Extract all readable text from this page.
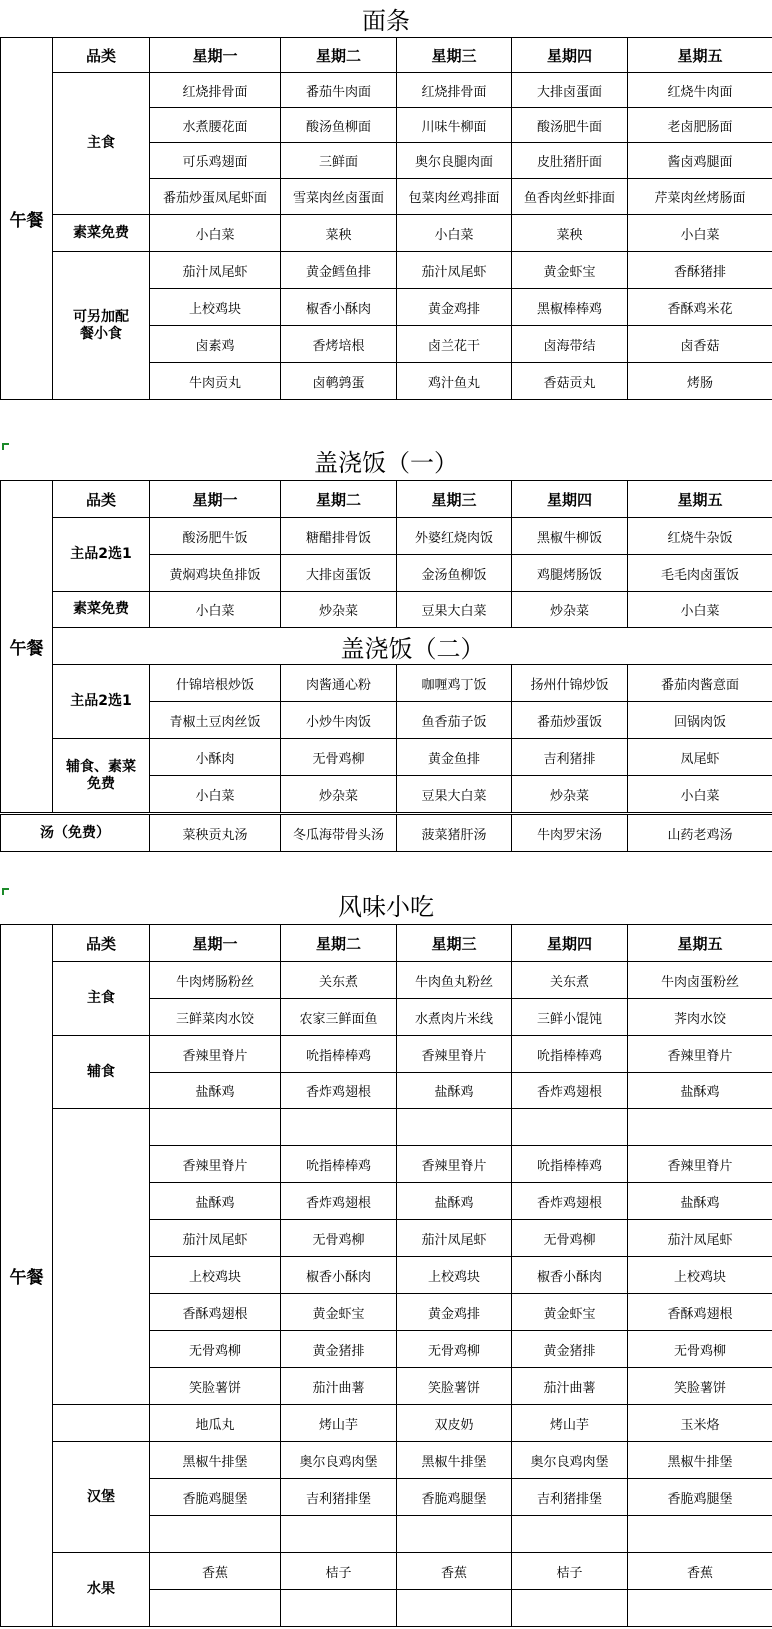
面条
午餐	品类	星期一	星期二	星期三	星期四	星期五
	主食	红烧排骨面	番茄牛肉面	红烧排骨面	大排卤蛋面	红烧牛肉面
		水煮腰花面	酸汤鱼柳面	川味牛柳面	酸汤肥牛面	老卤肥肠面
		可乐鸡翅面	三鲜面	奥尔良腿肉面	皮肚猪肝面	酱卤鸡腿面
		番茄炒蛋凤尾虾面	雪菜肉丝卤蛋面	包菜肉丝鸡排面	鱼香肉丝虾排面	芹菜肉丝烤肠面
	素菜免费	小白菜	菜秧	小白菜	菜秧	小白菜
	可另加配餐小食	茄汁凤尾虾	黄金鳕鱼排	茄汁凤尾虾	黄金虾宝	香酥猪排
		上校鸡块	椒香小酥肉	黄金鸡排	黑椒棒棒鸡	香酥鸡米花
		卤素鸡	香烤培根	卤兰花干	卤海带结	卤香菇
		牛肉贡丸	卤鹌鹑蛋	鸡汁鱼丸	香菇贡丸	烤肠
盖浇饭（一）
午餐	品类	星期一	星期二	星期三	星期四	星期五
	主品2选1	酸汤肥牛饭	糖醋排骨饭	外婆红烧肉饭	黑椒牛柳饭	红烧牛杂饭
		黄焖鸡块鱼排饭	大排卤蛋饭	金汤鱼柳饭	鸡腿烤肠饭	毛毛肉卤蛋饭
	素菜免费	小白菜	炒杂菜	豆果大白菜	炒杂菜	小白菜
	盖浇饭（二）					
	主品2选1	什锦培根炒饭	肉酱通心粉	咖喱鸡丁饭	扬州什锦炒饭	番茄肉酱意面
		青椒土豆肉丝饭	小炒牛肉饭	鱼香茄子饭	番茄炒蛋饭	回锅肉饭
	辅食、素菜免费	小酥肉	无骨鸡柳	黄金鱼排	吉利猪排	凤尾虾
		小白菜	炒杂菜	豆果大白菜	炒杂菜	小白菜
汤（免费）	菜秧贡丸汤	冬瓜海带骨头汤	菠菜猪肝汤	牛肉罗宋汤	山药老鸡汤
风味小吃
午餐	品类	星期一	星期二	星期三	星期四	星期五
	主食	牛肉烤肠粉丝	关东煮	牛肉鱼丸粉丝	关东煮	牛肉卤蛋粉丝
		三鲜菜肉水饺	农家三鲜面鱼	水煮肉片米线	三鲜小馄饨	荠肉水饺
	辅食	香辣里脊片	吮指棒棒鸡	香辣里脊片	吮指棒棒鸡	香辣里脊片
		盐酥鸡	香炸鸡翅根	盐酥鸡	香炸鸡翅根	盐酥鸡

		香辣里脊片	吮指棒棒鸡	香辣里脊片	吮指棒棒鸡	香辣里脊片
		盐酥鸡	香炸鸡翅根	盐酥鸡	香炸鸡翅根	盐酥鸡
		茄汁凤尾虾	无骨鸡柳	茄汁凤尾虾	无骨鸡柳	茄汁凤尾虾
		上校鸡块	椒香小酥肉	上校鸡块	椒香小酥肉	上校鸡块
		香酥鸡翅根	黄金虾宝	黄金鸡排	黄金虾宝	香酥鸡翅根
		无骨鸡柳	黄金猪排	无骨鸡柳	黄金猪排	无骨鸡柳
		笑脸薯饼	茄汁曲薯	笑脸薯饼	茄汁曲薯	笑脸薯饼
		地瓜丸	烤山芋	双皮奶	烤山芋	玉米烙
	汉堡	黑椒牛排堡	奥尔良鸡肉堡	黑椒牛排堡	奥尔良鸡肉堡	黑椒牛排堡
		香脆鸡腿堡	吉利猪排堡	香脆鸡腿堡	吉利猪排堡	香脆鸡腿堡

	水果	香蕉	桔子	香蕉	桔子	香蕉
